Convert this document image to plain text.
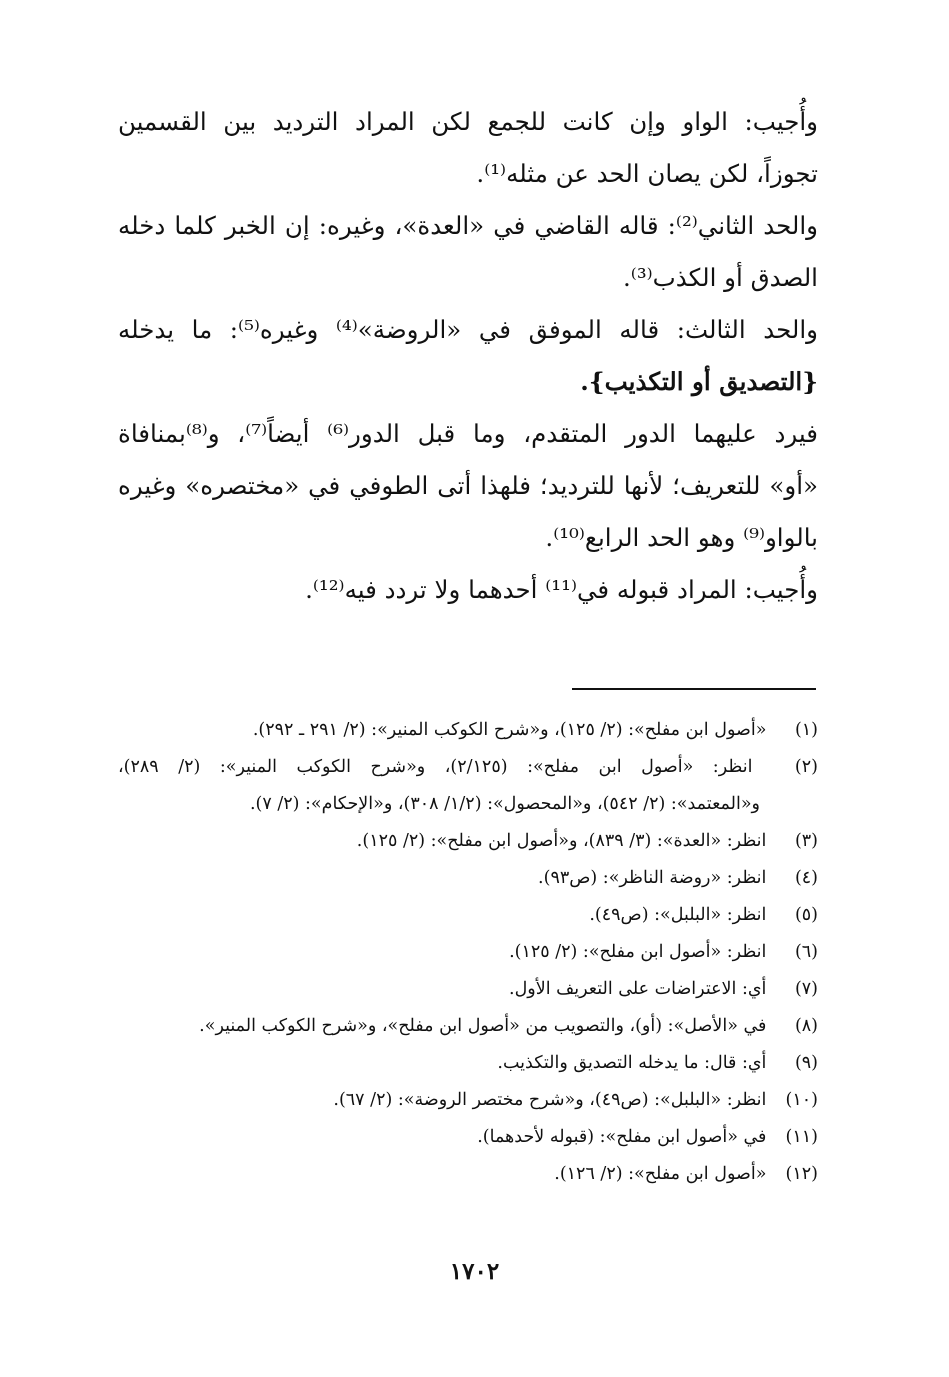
وأُجيب: الواو وإن كانت للجمع لكن المراد الترديد بين القسمين
تجوزاً، لكن يصان الحد عن مثله⁽¹⁾.
والحد الثاني⁽²⁾: قاله القاضي في «العدة»، وغيره: إن الخبر كلما دخله
الصدق أو الكذب⁽³⁾.
والحد الثالث: قاله الموفق في «الروضة»⁽⁴⁾ وغيره⁽⁵⁾: ما يدخله
{التصديق أو التكذيب}.
فيرد عليهما الدور المتقدم، وما قبل الدور⁽⁶⁾ أيضاً⁽⁷⁾، و⁽⁸⁾بمنافاة
«أو» للتعريف؛ لأنها للترديد؛ فلهذا أتى الطوفي في «مختصره» وغيره
بالواو⁽⁹⁾ وهو الحد الرابع⁽¹⁰⁾.
وأُجيب: المراد قبوله في⁽¹¹⁾ أحدهما ولا تردد فيه⁽¹²⁾.
(١) «أصول ابن مفلح»: (٢/ ١٢٥)، و«شرح الكوكب المنير»: (٢/ ٢٩١ ـ ٢٩٢).
(٢) انظر: «أصول ابن مفلح»: (٢/١٢٥)، و«شرح الكوكب المنير»: (٢/ ٢٨٩)،
و«المعتمد»: (٢/ ٥٤٢)، و«المحصول»: (١/٢/ ٣٠٨)، و«الإحكام»: (٢/ ٧).
(٣) انظر: «العدة»: (٣/ ٨٣٩)، و«أصول ابن مفلح»: (٢/ ١٢٥).
(٤) انظر: «روضة الناظر»: (ص٩٣).
(٥) انظر: «البلبل»: (ص٤٩).
(٦) انظر: «أصول ابن مفلح»: (٢/ ١٢٥).
(٧) أي: الاعتراضات على التعريف الأول.
(٨) في «الأصل»: (أو)، والتصويب من «أصول ابن مفلح»، و«شرح الكوكب المنير».
(٩) أي: قال: ما يدخله التصديق والتكذيب.
(١٠) انظر: «البلبل»: (ص٤٩)، و«شرح مختصر الروضة»: (٢/ ٦٧).
(١١) في «أصول ابن مفلح»: (قبوله لأحدهما).
(١٢) «أصول ابن مفلح»: (٢/ ١٢٦).
١٧٠٢
